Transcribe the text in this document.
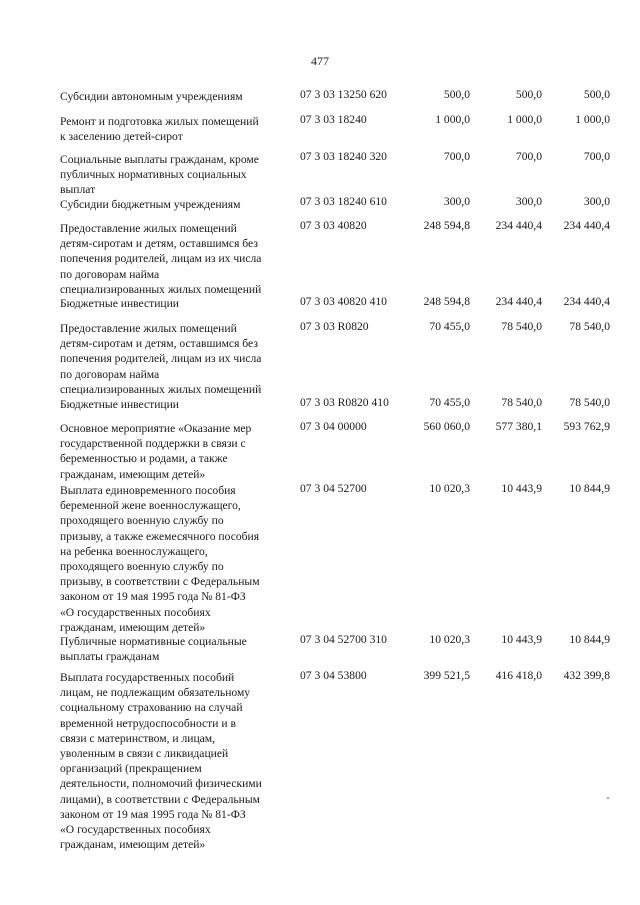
477
Субсидии автономным учреждениям	07 3 03 13250 620	500,0	500,0	500,0
Ремонт и подготовка жилых помещений
к заселению детей-сирот
07 3 03 18240	1 000,0	1 000,0	1 000,0
Социальные выплаты гражданам, кроме
публичных нормативных социальных
выплат
07 3 03 18240 320	700,0	700,0	700,0
Субсидии бюджетным учреждениям	07 3 03 18240 610	300,0	300,0	300,0
Предоставление жилых помещений
детям-сиротам и детям, оставшимся без
попечения родителей, лицам из их числа
по договорам найма
специализированных жилых помещений
07 3 03 40820	248 594,8	234 440,4	234 440,4
Бюджетные инвестиции	07 3 03 40820 410	248 594,8	234 440,4	234 440,4
Предоставление жилых помещений
детям-сиротам и детям, оставшимся без
попечения родителей, лицам из их числа
по договорам найма
специализированных жилых помещений
07 3 03 R0820	70 455,0	78 540,0	78 540,0
Бюджетные инвестиции	07 3 03 R0820 410	70 455,0	78 540,0	78 540,0
Основное мероприятие «Оказание мер
государственной поддержки в связи с
беременностью и родами, а также
гражданам, имеющим детей»
07 3 04 00000	560 060,0	577 380,1	593 762,9
Выплата единовременного пособия
беременной жене военнослужащего,
проходящего военную службу по
призыву, а также ежемесячного пособия
на ребенка военнослужащего,
проходящего военную службу по
призыву, в соответствии с Федеральным
законом от 19 мая 1995 года № 81-ФЗ
«О государственных пособиях
гражданам, имеющим детей»
07 3 04 52700	10 020,3	10 443,9	10 844,9
Публичные нормативные социальные
выплаты гражданам
07 3 04 52700 310	10 020,3	10 443,9	10 844,9
Выплата государственных пособий
лицам, не подлежащим обязательному
социальному страхованию на случай
временной нетрудоспособности и в
связи с материнством, и лицам,
уволенным в связи с ликвидацией
организаций (прекращением
деятельности, полномочий физическими
лицами), в соответствии с Федеральным
законом от 19 мая 1995 года № 81-ФЗ
«О государственных пособиях
гражданам, имеющим детей»
07 3 04 53800	399 521,5	416 418,0	432 399,8
